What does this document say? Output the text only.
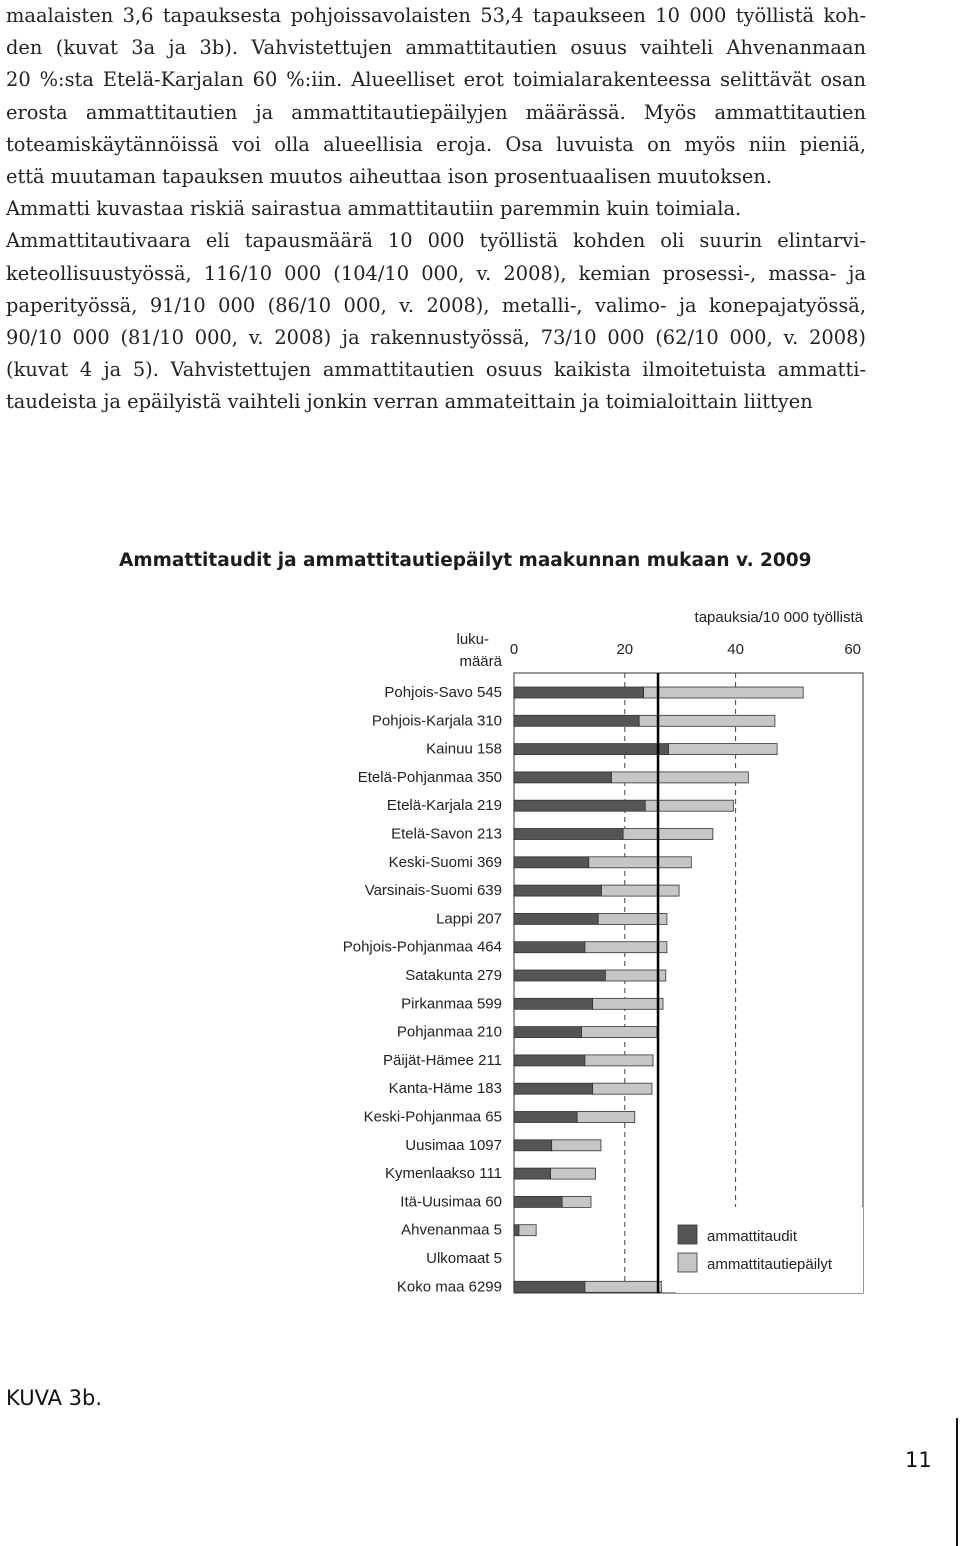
maalaisten 3,6 tapauksesta pohjoissavolaisten 53,4 tapaukseen 10 000 työllistä koh-
den (kuvat 3a ja 3b). Vahvistettujen ammattitautien osuus vaihteli Ahvenanmaan
20 %:sta Etelä-Karjalan 60 %:iin. Alueelliset erot toimialarakenteessa selittävät osan
erosta ammattitautien ja ammattitautiepäilyjen määrässä. Myös ammattitautien
toteamiskäytännöissä voi olla alueellisia eroja. Osa luvuista on myös niin pieniä,
että muutaman tapauksen muutos aiheuttaa ison prosentuaalisen muutoksen.
Ammatti kuvastaa riskiä sairastua ammattitautiin paremmin kuin toimiala.
Ammattitautivaara eli tapausmäärä 10 000 työllistä kohden oli suurin elintarvi-
keteollisuustyössä, 116/10 000 (104/10 000, v. 2008), kemian prosessi-, massa- ja
paperityössä, 91/10 000 (86/10 000, v. 2008), metalli-, valimo- ja konepajatyössä,
90/10 000 (81/10 000, v. 2008) ja rakennustyössä, 73/10 000 (62/10 000, v. 2008)
(kuvat 4 ja 5). Vahvistettujen ammattitautien osuus kaikista ilmoitetuista ammatti-
taudeista ja epäilyistä vaihteli jonkin verran ammateittain ja toimialoittain liittyen

Ammattitaudit ja ammattitautiepäilyt maakunnan mukaan v. 2009
tapauksia/10 000 työllistä
0	20	40	60
luku-
määrä
Pohjois-Savo 545
Pohjois-Karjala 310
Kainuu 158
Etelä-Pohjanmaa 350
Etelä-Karjala 219
Etelä-Savon 213
Keski-Suomi 369
Varsinais-Suomi 639
Lappi 207
Pohjois-Pohjanmaa 464
Satakunta 279
Pirkanmaa 599
Pohjanmaa 210
Päijät-Hämee 211
Kanta-Häme 183
Keski-Pohjanmaa 65
Uusimaa 1097
Kymenlaakso 111
Itä-Uusimaa 60
Ahvenanmaa 5
Ulkomaat 5
Koko maa 6299
ammattitaudit
ammattitautiepäilyt
KUVA 3b.
11
